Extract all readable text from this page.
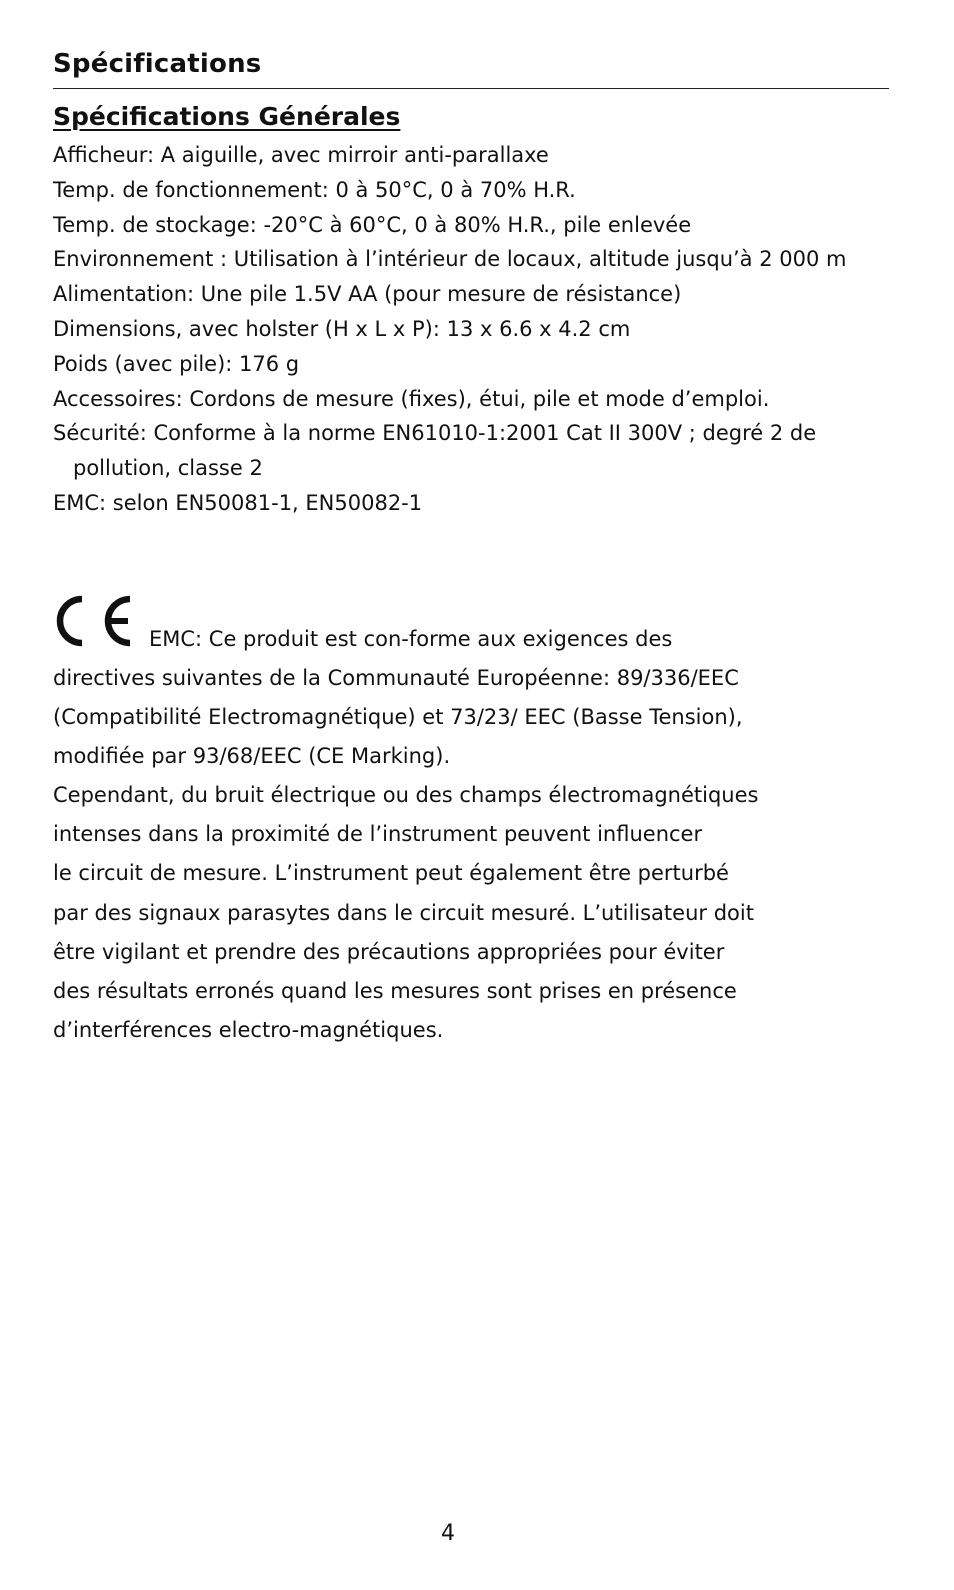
Spécifications
Spécifications Générales
Afficheur: A aiguille, avec mirroir anti-parallaxe
Temp. de fonctionnement: 0 à 50°C, 0 à 70% H.R.
Temp. de stockage: -20°C à 60°C, 0 à 80% H.R., pile enlevée
Environnement : Utilisation à l’intérieur de locaux, altitude jusqu’à 2 000 m
Alimentation: Une pile 1.5V AA (pour mesure de résistance)
Dimensions, avec holster (H x L x P): 13 x 6.6 x 4.2 cm
Poids (avec pile): 176 g
Accessoires: Cordons de mesure (fixes), étui, pile et mode d’emploi.
Sécurité: Conforme à la norme EN61010-1:2001 Cat II 300V ; degré 2 de pollution, classe 2
EMC: selon EN50081-1, EN50082-1

EMC: Ce produit est con-forme aux exigences des

directives suivantes de la Communauté Européenne: 89/336/EEC
(Compatibilité Electromagnétique) et 73/23/ EEC (Basse Tension),
modifiée par 93/68/EEC (CE Marking).
Cependant, du bruit électrique ou des champs électromagnétiques
intenses dans la proximité de l’instrument peuvent influencer
le circuit de mesure. L’instrument peut également être perturbé
par des signaux parasytes dans le circuit mesuré. L’utilisateur doit
être vigilant et prendre des précautions appropriées pour éviter
des résultats erronés quand les mesures sont prises en présence
d’interférences electro-magnétiques.
4
